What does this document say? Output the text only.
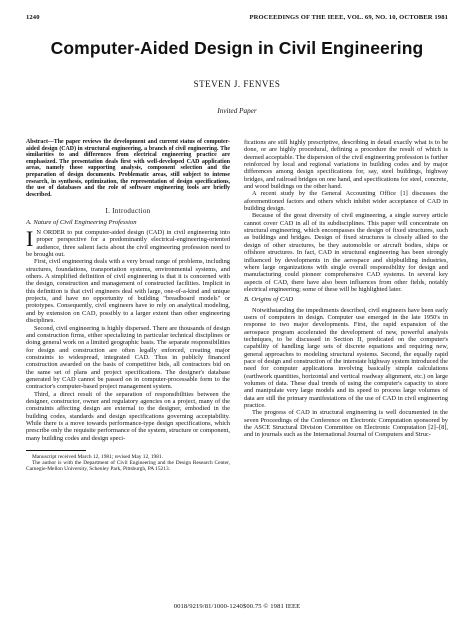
1240	PROCEEDINGS OF THE IEEE, VOL. 69, NO. 10, OCTOBER 1981
Computer-Aided Design in Civil Engineering
STEVEN J. FENVES
Invited Paper

Abstract—The paper reviews the development and current status of computer-aided design (CAD) in structural engineering, a branch of civil engineering. The similarities to and differences from electrical engineering practice are emphasized. The presentation deals first with well-developed CAD application areas, namely those supporting analysis, component selection and the preparation of design documents. Problematic areas, still subject to intense research, in synthesis, optimization, the representation of design specifications, the use of databases and the role of software engineering tools are briefly described.

I. Introduction
A. Nature of Civil Engineering Profession

I N ORDER to put computer-aided design (CAD) in civil engineering into proper perspective for a predominantly electrical-engineering-oriented audience, three salient facts about the civil engineering profession need to be brought out.

First, civil engineering deals with a very broad range of problems, including structures, foundations, transportation systems, environmental systems, and others. A simplified definition of civil engineering is that it is concerned with the design, construction and management of constructed facilities. Implicit in this definition is that civil engineers deal with large, one-of-a-kind and unique projects, and have no opportunity of building "breadboard models" or prototypes. Consequently, civil engineers have to rely on analytical modeling, and by extension on CAD, possibly to a larger extent than other engineering disciplines.

Second, civil engineering is highly dispersed. There are thousands of design and construction firms, either specializing in particular technical disciplines or doing general work on a limited geographic basis. The separate responsibilities for design and construction are often legally enforced, creating major constraints to widespread, integrated CAD. Thus in publicly financed construction awarded on the basis of competitive bids, all contractors bid on the same set of plans and project specifications. The designer's database generated by CAD cannot be passed on in computer-processable form to the contractor's computer-based project management system.

Third, a direct result of the separation of responsibilities between the designer, constructor, owner and regulatory agencies on a project, many of the constraints affecting design are external to the designer, embodied in the building codes, standards and design specifications governing acceptability. While there is a move towards performance-type design specifications, which prescribe only the requisite performance of the system, structure or component, many building codes and design speci-

Manuscript received March 12, 1981; revised May 12, 1981.

The author is with the Department of Civil Engineering and the Design Research Center, Carnegie-Mellon University, Schenley Park, Pittsburgh, PA 15213.

fications are still highly prescriptive, describing in detail exactly what is to be done, or are highly procedural, defining a procedure the result of which is deemed acceptable. The dispersion of the civil engineering profession is further reinforced by local and regional variations in building codes and by major differences among design specifications for, say, steel buildings, highway bridges, and railroad bridges on one hand, and specifications for steel, concrete, and wood buildings on the other hand.

A recent study by the General Accounting Office [1] discusses the aforementioned factors and others which inhibit wider acceptance of CAD in building design.

Because of the great diversity of civil engineering, a single survey article cannot cover CAD in all of its subdisciplines. This paper will concentrate on structural engineering, which encompasses the design of fixed structures, such as buildings and bridges. Design of fixed structures is closely allied to the design of other structures, be they automobile or aircraft bodies, ships or offshore structures. In fact, CAD in structural engineering has been strongly influenced by developments in the aerospace and shipbuilding industries, where large organizations with single overall responsibility for design and manufacturing could pioneer comprehensive CAD systems. In several key aspects of CAD, there have also been influences from other fields, notably electrical engineering; some of these will be highlighted later.

B. Origins of CAD

Notwithstanding the impediments described, civil engineers have been early users of computers in design. Computer use emerged in the late 1950's in response to two major developments. First, the rapid expansion of the aerospace program accelerated the development of new, powerful analysis techniques, to be discussed in Section II, predicated on the computer's capability of handling large sets of discrete equations and requiring new, general approaches to modeling structural systems. Second, the equally rapid pace of design and construction of the interstate highway system introduced the need for computer applications involving basically simple calculations (earthwork quantities, horizontal and vertical roadway alignment, etc.) on large volumes of data. These dual trends of using the computer's capacity to store and manipulate very large models and its speed to process large volumes of data are still the primary manifestations of the use of CAD in civil engineering practice.

The progress of CAD in structural engineering is well documented in the seven Proceedings of the Conference on Electronic Computation sponsored by the ASCE Structural Division Committee on Electronic Computation [2]–[8], and in journals such as the International Journal of Computers and Struc-

0018/9219/81/1000-1240$00.75 © 1981 IEEE
